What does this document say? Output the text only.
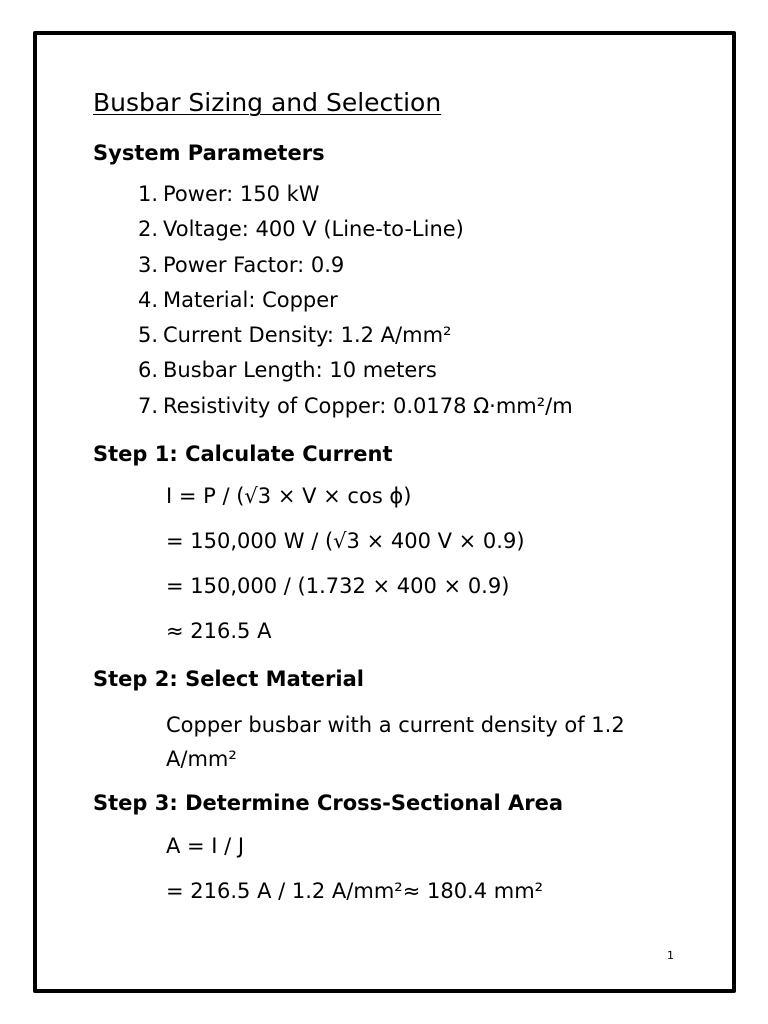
Busbar Sizing and Selection
System Parameters
1. Power: 150 kW
2. Voltage: 400 V (Line-to-Line)
3. Power Factor: 0.9
4. Material: Copper
5. Current Density: 1.2 A/mm²
6. Busbar Length: 10 meters
7. Resistivity of Copper: 0.0178 Ω·mm²/m
Step 1: Calculate Current
I = P / (√3 × V × cos ϕ)
= 150,000 W / (√3 × 400 V × 0.9)
= 150,000 / (1.732 × 400 × 0.9)
≈ 216.5 A
Step 2: Select Material
Copper busbar with a current density of 1.2 A/mm²
Step 3: Determine Cross-Sectional Area
A = I / J
= 216.5 A / 1.2 A/mm²≈ 180.4 mm²
1
